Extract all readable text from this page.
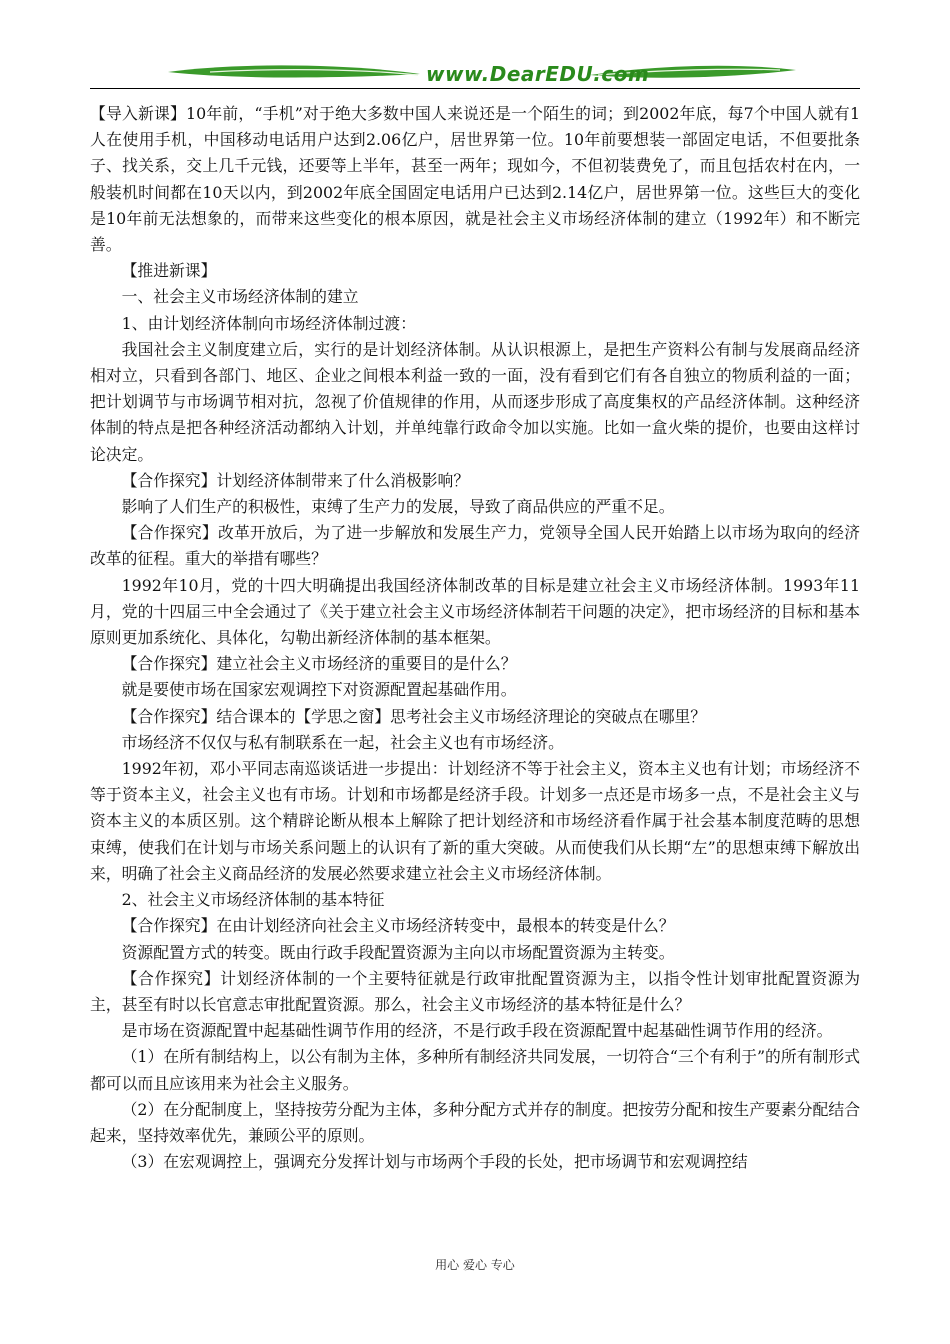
www.DearEDU.com

【导入新课】10年前，“手机”对于绝大多数中国人来说还是一个陌生的词；到2002年底，每7个中国人就有1人在使用手机，中国移动电话用户达到2.06亿户，居世界第一位。10年前要想装一部固定电话，不但要批条子、找关系，交上几千元钱，还要等上半年，甚至一两年；现如今，不但初装费免了，而且包括农村在内，一般装机时间都在10天以内，到2002年底全国固定电话用户已达到2.14亿户，居世界第一位。这些巨大的变化是10年前无法想象的，而带来这些变化的根本原因，就是社会主义市场经济体制的建立（1992年）和不断完善。

【推进新课】

一、社会主义市场经济体制的建立

1、由计划经济体制向市场经济体制过渡：

我国社会主义制度建立后，实行的是计划经济体制。从认识根源上，是把生产资料公有制与发展商品经济相对立，只看到各部门、地区、企业之间根本利益一致的一面，没有看到它们有各自独立的物质利益的一面；把计划调节与市场调节相对抗，忽视了价值规律的作用，从而逐步形成了高度集权的产品经济体制。这种经济体制的特点是把各种经济活动都纳入计划，并单纯靠行政命令加以实施。比如一盒火柴的提价，也要由这样讨论决定。

【合作探究】计划经济体制带来了什么消极影响？

影响了人们生产的积极性，束缚了生产力的发展，导致了商品供应的严重不足。

【合作探究】改革开放后，为了进一步解放和发展生产力，党领导全国人民开始踏上以市场为取向的经济改革的征程。重大的举措有哪些？

1992年10月，党的十四大明确提出我国经济体制改革的目标是建立社会主义市场经济体制。1993年11月，党的十四届三中全会通过了《关于建立社会主义市场经济体制若干问题的决定》，把市场经济的目标和基本原则更加系统化、具体化，勾勒出新经济体制的基本框架。

【合作探究】建立社会主义市场经济的重要目的是什么？

就是要使市场在国家宏观调控下对资源配置起基础作用。

【合作探究】结合课本的【学思之窗】思考社会主义市场经济理论的突破点在哪里？

市场经济不仅仅与私有制联系在一起，社会主义也有市场经济。

1992年初，邓小平同志南巡谈话进一步提出：计划经济不等于社会主义，资本主义也有计划；市场经济不等于资本主义，社会主义也有市场。计划和市场都是经济手段。计划多一点还是市场多一点，不是社会主义与资本主义的本质区别。这个精辟论断从根本上解除了把计划经济和市场经济看作属于社会基本制度范畴的思想束缚，使我们在计划与市场关系问题上的认识有了新的重大突破。从而使我们从长期“左”的思想束缚下解放出来，明确了社会主义商品经济的发展必然要求建立社会主义市场经济体制。

2、社会主义市场经济体制的基本特征

【合作探究】在由计划经济向社会主义市场经济转变中，最根本的转变是什么？

资源配置方式的转变。既由行政手段配置资源为主向以市场配置资源为主转变。

【合作探究】计划经济体制的一个主要特征就是行政审批配置资源为主，以指令性计划审批配置资源为主，甚至有时以长官意志审批配置资源。那么，社会主义市场经济的基本特征是什么？

是市场在资源配置中起基础性调节作用的经济，不是行政手段在资源配置中起基础性调节作用的经济。

（1）在所有制结构上，以公有制为主体，多种所有制经济共同发展，一切符合“三个有利于”的所有制形式都可以而且应该用来为社会主义服务。

（2）在分配制度上，坚持按劳分配为主体，多种分配方式并存的制度。把按劳分配和按生产要素分配结合起来，坚持效率优先，兼顾公平的原则。

（3）在宏观调控上，强调充分发挥计划与市场两个手段的长处，把市场调节和宏观调控结

用心 爱心 专心
